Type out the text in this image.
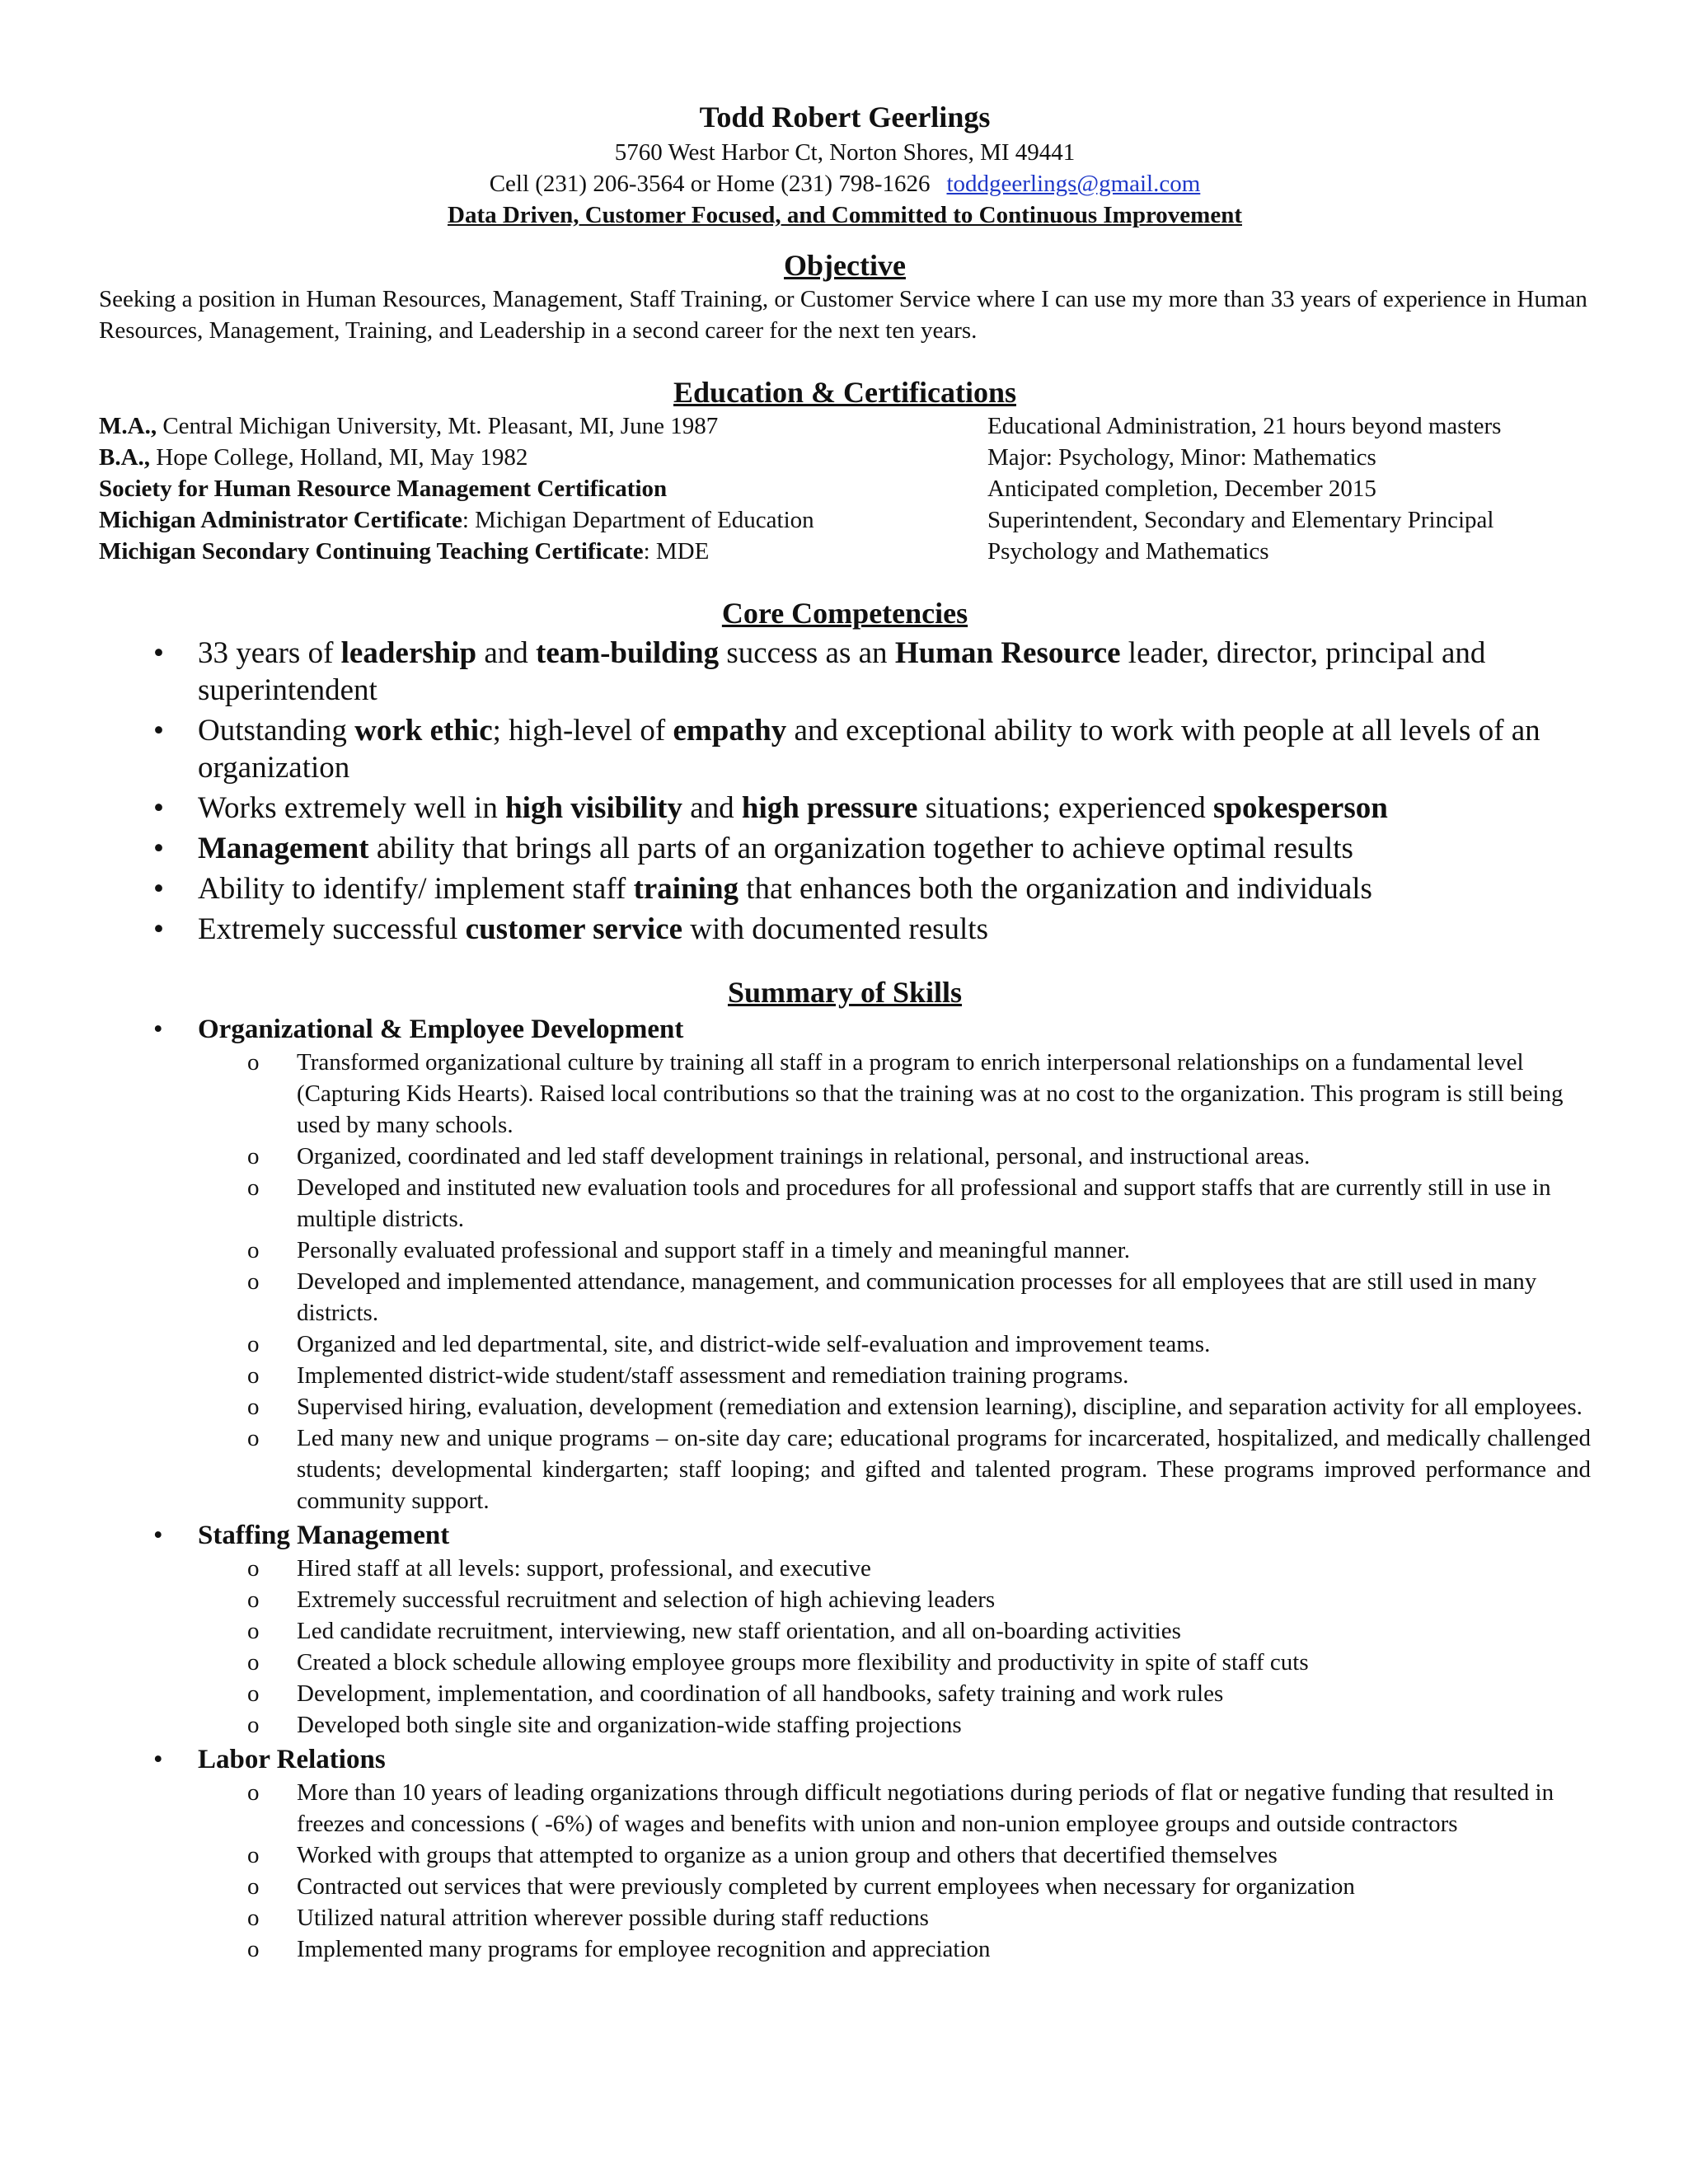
Todd Robert Geerlings
5760 West Harbor Ct, Norton Shores, MI 49441
Cell (231) 206-3564 or Home (231) 798-1626 toddgeerlings@gmail.com
Data Driven, Customer Focused, and Committed to Continuous Improvement
Objective
Seeking a position in Human Resources, Management, Staff Training, or Customer Service where I can use my more than 33 years of experience in Human Resources, Management, Training, and Leadership in a second career for the next ten years.
Education & Certifications
M.A., Central Michigan University, Mt. Pleasant, MI, June 1987	Educational Administration, 21 hours beyond masters
B.A., Hope College, Holland, MI, May 1982	Major: Psychology, Minor: Mathematics
Society for Human Resource Management Certification	Anticipated completion, December 2015
Michigan Administrator Certificate: Michigan Department of Education	Superintendent, Secondary and Elementary Principal
Michigan Secondary Continuing Teaching Certificate: MDE	Psychology and Mathematics
Core Competencies
• 33 years of leadership and team-building success as an Human Resource leader, director, principal and superintendent
• Outstanding work ethic; high-level of empathy and exceptional ability to work with people at all levels of an organization
• Works extremely well in high visibility and high pressure situations; experienced spokesperson
• Management ability that brings all parts of an organization together to achieve optimal results
• Ability to identify/ implement staff training that enhances both the organization and individuals
• Extremely successful customer service with documented results
Summary of Skills
• Organizational & Employee Development
o Transformed organizational culture by training all staff in a program to enrich interpersonal relationships on a fundamental level (Capturing Kids Hearts). Raised local contributions so that the training was at no cost to the organization. This program is still being used by many schools.
o Organized, coordinated and led staff development trainings in relational, personal, and instructional areas.
o Developed and instituted new evaluation tools and procedures for all professional and support staffs that are currently still in use in multiple districts.
o Personally evaluated professional and support staff in a timely and meaningful manner.
o Developed and implemented attendance, management, and communication processes for all employees that are still used in many districts.
o Organized and led departmental, site, and district-wide self-evaluation and improvement teams.
o Implemented district-wide student/staff assessment and remediation training programs.
o Supervised hiring, evaluation, development (remediation and extension learning), discipline, and separation activity for all employees.
o Led many new and unique programs – on-site day care; educational programs for incarcerated, hospitalized, and medically challenged students; developmental kindergarten; staff looping; and gifted and talented program. These programs improved performance and community support.
• Staffing Management
o Hired staff at all levels: support, professional, and executive
o Extremely successful recruitment and selection of high achieving leaders
o Led candidate recruitment, interviewing, new staff orientation, and all on-boarding activities
o Created a block schedule allowing employee groups more flexibility and productivity in spite of staff cuts
o Development, implementation, and coordination of all handbooks, safety training and work rules
o Developed both single site and organization-wide staffing projections
• Labor Relations
o More than 10 years of leading organizations through difficult negotiations during periods of flat or negative funding that resulted in freezes and concessions ( -6%) of wages and benefits with union and non-union employee groups and outside contractors
o Worked with groups that attempted to organize as a union group and others that decertified themselves
o Contracted out services that were previously completed by current employees when necessary for organization
o Utilized natural attrition wherever possible during staff reductions
o Implemented many programs for employee recognition and appreciation
